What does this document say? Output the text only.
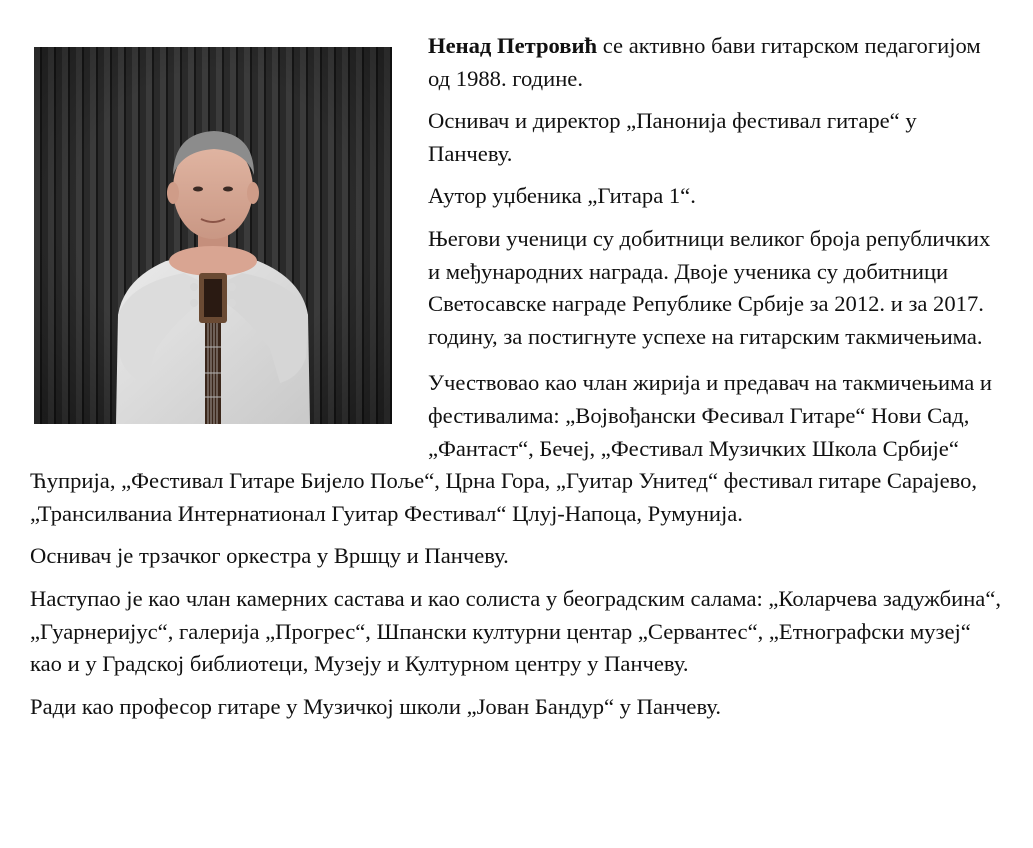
Ненад Петровић се активно бави гитарском педагогијом од 1988. године.

Оснивач и директор „Панонија фестивал гитаре“ у Панчеву.

Аутор уџбеника „Гитара 1“.

Његови ученици су добитници великог броја републичких и међународних награда. Двоје ученика су добитници Светосавске награде Републике Србије за 2012. и за 2017. годину, за постигнуте успехе на гитарским такмичењима.

Учествовао као члан жирија и предавач на такмичењима и фестивалима: „Војвођански Фесивал Гитаре“ Нови Сад, „Фантаст“, Бечеј, „Фестивал Музичких Школа Србије“ Ћуприја, „Фестивал Гитаре Бијело Поље“, Црна Гора, „Гуитар Унитед“ фестивал гитаре Сарајево, „Трансилваниа Интернатионал Гуитар Фестивал“ Цлуј-Напоца, Румунија.

Оснивач је трзачког оркестра у Вршцу и Панчеву.

Наступао је као члан камерних састава и као солиста у београдским салама: „Коларчева задужбина“, „Гуарнеријус“, галерија „Прогрес“, Шпански културни центар „Сервантес“, „Етнографски музеј“ као и у Градској библиотеци, Музеју и Културном центру у Панчеву.

Ради као професор гитаре у Музичкој школи „Јован Бандур“ у Панчеву.
